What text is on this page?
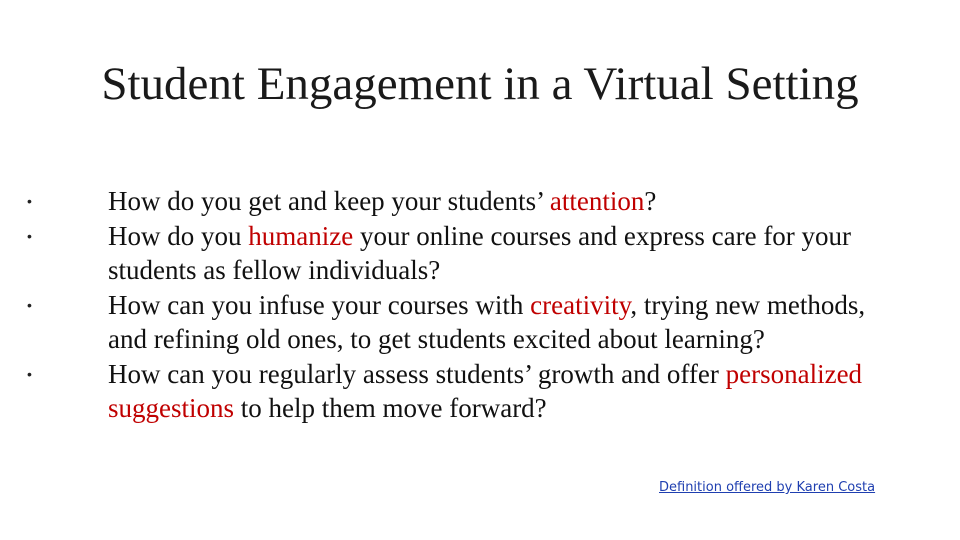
Student Engagement in a Virtual Setting
•	How do you get and keep your students’ attention?
•	How do you humanize your online courses and express care for your students as fellow individuals?
•	How can you infuse your courses with creativity, trying new methods, and refining old ones, to get students excited about learning?
•	How can you regularly assess students’ growth and offer personalized suggestions to help them move forward?
Definition offered by Karen Costa
